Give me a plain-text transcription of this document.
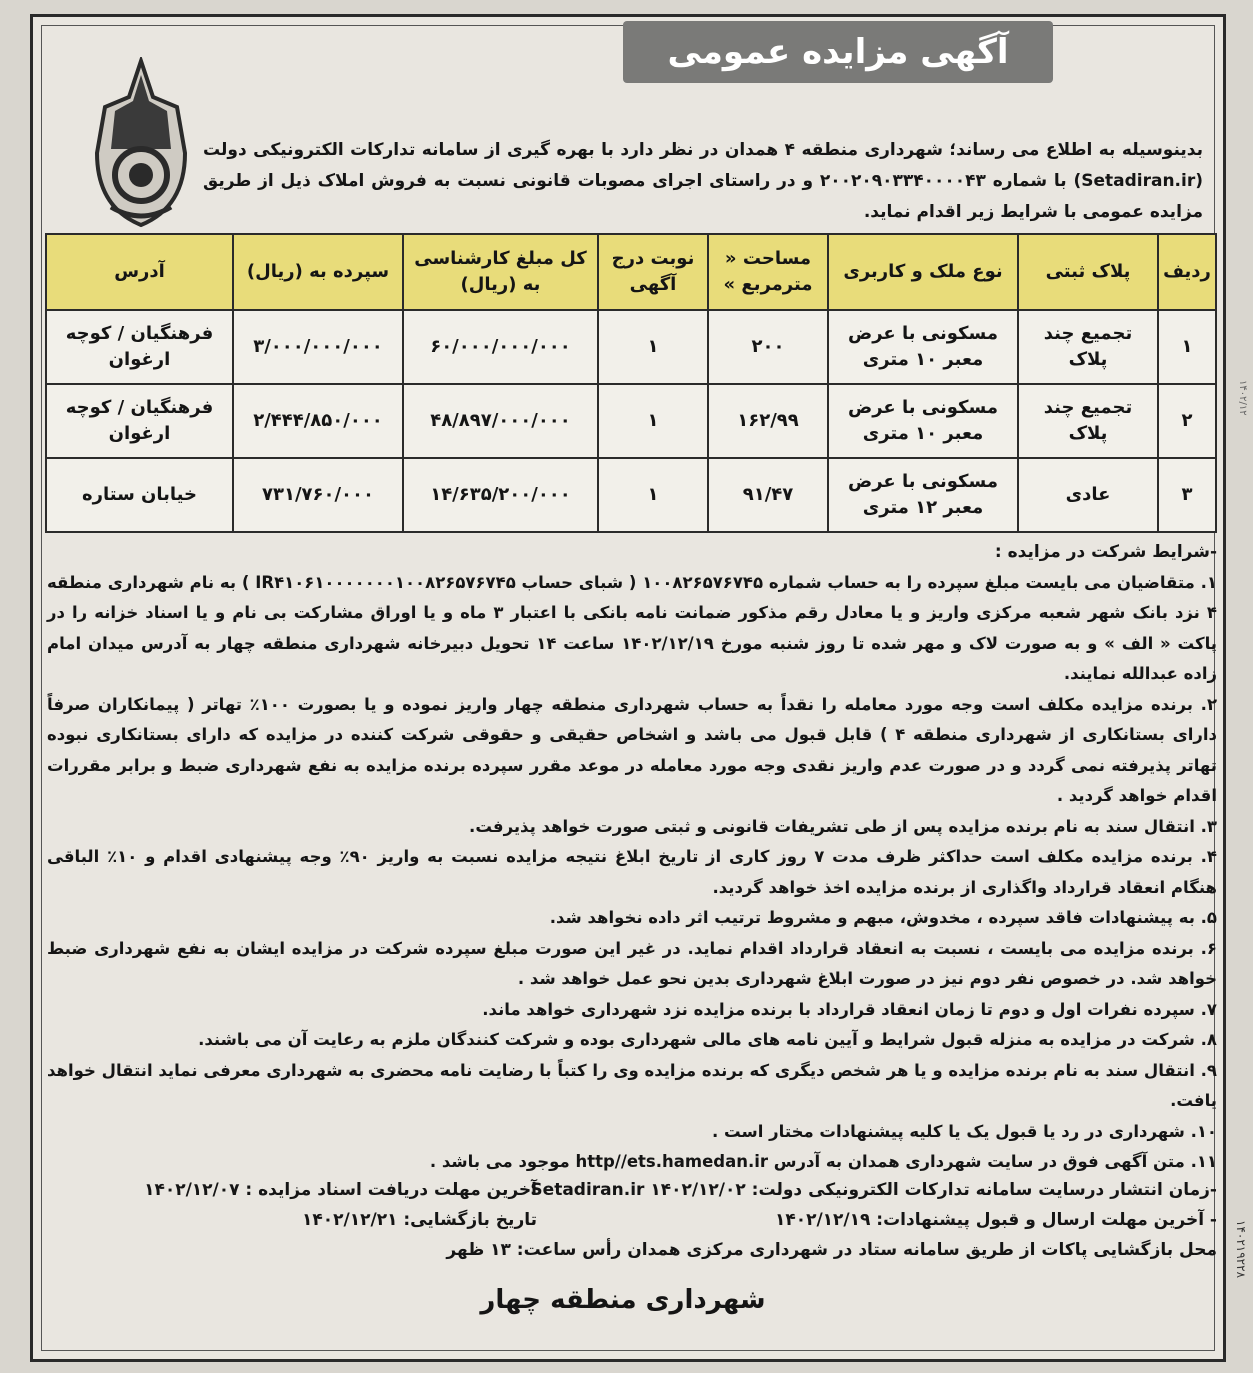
آگهی مزایده عمومی
بدینوسیله به اطلاع می رساند؛ شهرداری منطقه ۴ همدان در نظر دارد با بهره گیری از سامانه تدارکات الکترونیکی دولت (Setadiran.ir) با شماره ۲۰۰۲۰۹۰۳۳۴۰۰۰۰۴۳ و در راستای اجرای مصوبات قانونی نسبت به فروش املاک ذیل از طریق مزایده عمومی با شرایط زیر اقدام نماید.
ردیف	پلاک ثبتی	نوع ملک و کاربری	مساحت « مترمربع »	نوبت درج آگهی	کل مبلغ کارشناسی به (ریال)	سپرده به (ریال)	آدرس
۱	تجمیع چند پلاک	مسکونی با عرض معبر ۱۰ متری	۲۰۰	۱	۶۰/۰۰۰/۰۰۰/۰۰۰	۳/۰۰۰/۰۰۰/۰۰۰	فرهنگیان / کوچه ارغوان
۲	تجمیع چند پلاک	مسکونی با عرض معبر ۱۰ متری	۱۶۲/۹۹	۱	۴۸/۸۹۷/۰۰۰/۰۰۰	۲/۴۴۴/۸۵۰/۰۰۰	فرهنگیان / کوچه ارغوان
۳	عادی	مسکونی با عرض معبر ۱۲ متری	۹۱/۴۷	۱	۱۴/۶۳۵/۲۰۰/۰۰۰	۷۳۱/۷۶۰/۰۰۰	خیابان ستاره

-شرایط شرکت در مزایده :

۱. متقاضیان می بایست مبلغ سپرده را به حساب شماره ۱۰۰۸۲۶۵۷۶۷۴۵ ( شبای حساب IR۴۱۰۶۱۰۰۰۰۰۰۰۱۰۰۸۲۶۵۷۶۷۴۵ ) به نام شهرداری منطقه ۴ نزد بانک شهر شعبه مرکزی واریز و یا معادل رقم مذکور ضمانت نامه بانکی با اعتبار ۳ ماه و یا اوراق مشارکت بی نام و یا اسناد خزانه را در پاکت « الف » و به صورت لاک و مهر شده تا روز شنبه مورخ ۱۴۰۲/۱۲/۱۹ ساعت ۱۴ تحویل دبیرخانه شهرداری منطقه چهار به آدرس میدان امام زاده عبدالله نمایند.

۲. برنده مزایده مکلف است وجه مورد معامله را نقداً به حساب شهرداری منطقه چهار واریز نموده و یا بصورت ۱۰۰٪ تهاتر ( پیمانکاران صرفاً دارای بستانکاری از شهرداری منطقه ۴ ) قابل قبول می باشد و اشخاص حقیقی و حقوقی شرکت کننده در مزایده که دارای بستانکاری نبوده تهاتر پذیرفته نمی گردد و در صورت عدم واریز نقدی وجه مورد معامله در موعد مقرر سپرده برنده مزایده به نفع شهرداری ضبط و برابر مقررات اقدام خواهد گردید .

۳. انتقال سند به نام برنده مزایده پس از طی تشریفات قانونی و ثبتی صورت خواهد پذیرفت.

۴. برنده مزایده مکلف است حداکثر ظرف مدت ۷ روز کاری از تاریخ ابلاغ نتیجه مزایده نسبت به واریز ۹۰٪ وجه پیشنهادی اقدام و ۱۰٪ الباقی هنگام انعقاد قرارداد واگذاری از برنده مزایده اخذ خواهد گردید.

۵. به پیشنهادات فاقد سپرده ، مخدوش، مبهم و مشروط ترتیب اثر داده نخواهد شد.

۶. برنده مزایده می بایست ، نسبت به انعقاد قرارداد اقدام نماید. در غیر این صورت مبلغ سپرده شرکت در مزایده ایشان به نفع شهرداری ضبط خواهد شد. در خصوص نفر دوم نیز در صورت ابلاغ شهرداری بدین نحو عمل خواهد شد .

۷. سپرده نفرات اول و دوم تا زمان انعقاد قرارداد با برنده مزایده نزد شهرداری خواهد ماند.

۸. شرکت در مزایده به منزله قبول شرایط و آیین نامه های مالی شهرداری بوده و شرکت کنندگان ملزم به رعایت آن می باشند.

۹. انتقال سند به نام برنده مزایده و یا هر شخص دیگری که برنده مزایده وی را کتباً با رضایت نامه محضری به شهرداری معرفی نماید انتقال خواهد یافت.

۱۰. شهرداری در رد یا قبول یک یا کلیه پیشنهادات مختار است .

۱۱. متن آگهی فوق در سایت شهرداری همدان به آدرس http//ets.hamedan.ir موجود می باشد .

-زمان انتشار درسایت سامانه تدارکات الکترونیکی دولت: Setadiran.ir ۱۴۰۲/۱۲/۰۲
آخرین مهلت دریافت اسناد مزایده : ۱۴۰۲/۱۲/۰۷
- آخرین مهلت ارسال و قبول پیشنهادات: ۱۴۰۲/۱۲/۱۹
تاریخ بازگشایی: ۱۴۰۲/۱۲/۲۱
محل بازگشایی پاکات از طریق سامانه ستاد در شهرداری مرکزی همدان رأس ساعت: ۱۳ ظهر
شهرداری منطقه چهار
۱۴۰۲۱۹۲۲۸
۱۴۰۲/۱۲
